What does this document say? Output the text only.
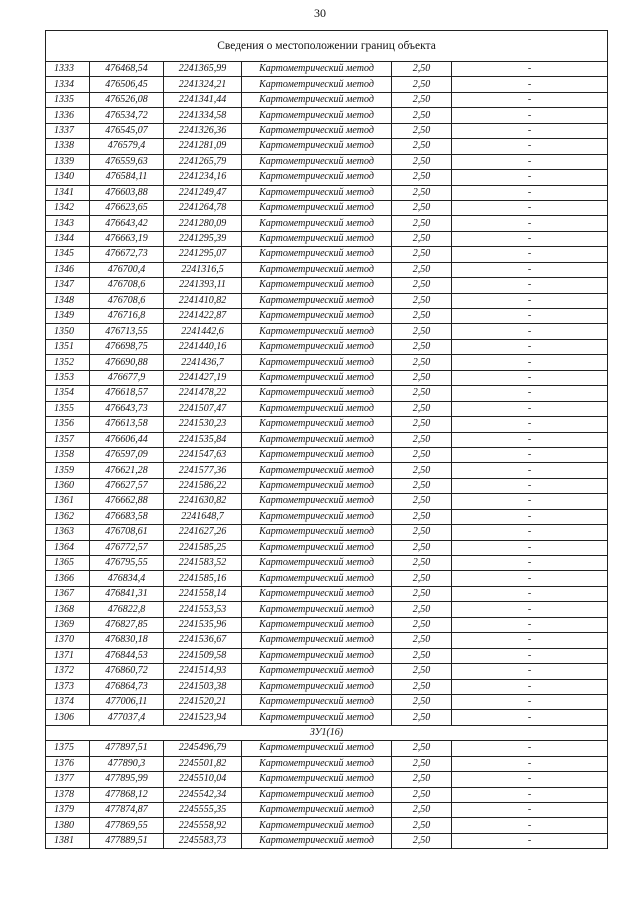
30
Сведения о местоположении границ объекта					
1333	476468,54	2241365,99	Картометрический метод	2,50	-
1334	476506,45	2241324,21	Картометрический метод	2,50	-
1335	476526,08	2241341,44	Картометрический метод	2,50	-
1336	476534,72	2241334,58	Картометрический метод	2,50	-
1337	476545,07	2241326,36	Картометрический метод	2,50	-
1338	476579,4	2241281,09	Картометрический метод	2,50	-
1339	476559,63	2241265,79	Картометрический метод	2,50	-
1340	476584,11	2241234,16	Картометрический метод	2,50	-
1341	476603,88	2241249,47	Картометрический метод	2,50	-
1342	476623,65	2241264,78	Картометрический метод	2,50	-
1343	476643,42	2241280,09	Картометрический метод	2,50	-
1344	476663,19	2241295,39	Картометрический метод	2,50	-
1345	476672,73	2241295,07	Картометрический метод	2,50	-
1346	476700,4	2241316,5	Картометрический метод	2,50	-
1347	476708,6	2241393,11	Картометрический метод	2,50	-
1348	476708,6	2241410,82	Картометрический метод	2,50	-
1349	476716,8	2241422,87	Картометрический метод	2,50	-
1350	476713,55	2241442,6	Картометрический метод	2,50	-
1351	476698,75	2241440,16	Картометрический метод	2,50	-
1352	476690,88	2241436,7	Картометрический метод	2,50	-
1353	476677,9	2241427,19	Картометрический метод	2,50	-
1354	476618,57	2241478,22	Картометрический метод	2,50	-
1355	476643,73	2241507,47	Картометрический метод	2,50	-
1356	476613,58	2241530,23	Картометрический метод	2,50	-
1357	476606,44	2241535,84	Картометрический метод	2,50	-
1358	476597,09	2241547,63	Картометрический метод	2,50	-
1359	476621,28	2241577,36	Картометрический метод	2,50	-
1360	476627,57	2241586,22	Картометрический метод	2,50	-
1361	476662,88	2241630,82	Картометрический метод	2,50	-
1362	476683,58	2241648,7	Картометрический метод	2,50	-
1363	476708,61	2241627,26	Картометрический метод	2,50	-
1364	476772,57	2241585,25	Картометрический метод	2,50	-
1365	476795,55	2241583,52	Картометрический метод	2,50	-
1366	476834,4	2241585,16	Картометрический метод	2,50	-
1367	476841,31	2241558,14	Картометрический метод	2,50	-
1368	476822,8	2241553,53	Картометрический метод	2,50	-
1369	476827,85	2241535,96	Картометрический метод	2,50	-
1370	476830,18	2241536,67	Картометрический метод	2,50	-
1371	476844,53	2241509,58	Картометрический метод	2,50	-
1372	476860,72	2241514,93	Картометрический метод	2,50	-
1373	476864,73	2241503,38	Картометрический метод	2,50	-
1374	477006,11	2241520,21	Картометрический метод	2,50	-
1306	477037,4	2241523,94	Картометрический метод	2,50	-
ЗУ1(16)					
1375	477897,51	2245496,79	Картометрический метод	2,50	-
1376	477890,3	2245501,82	Картометрический метод	2,50	-
1377	477895,99	2245510,04	Картометрический метод	2,50	-
1378	477868,12	2245542,34	Картометрический метод	2,50	-
1379	477874,87	2245555,35	Картометрический метод	2,50	-
1380	477869,55	2245558,92	Картометрический метод	2,50	-
1381	477889,51	2245583,73	Картометрический метод	2,50	-
